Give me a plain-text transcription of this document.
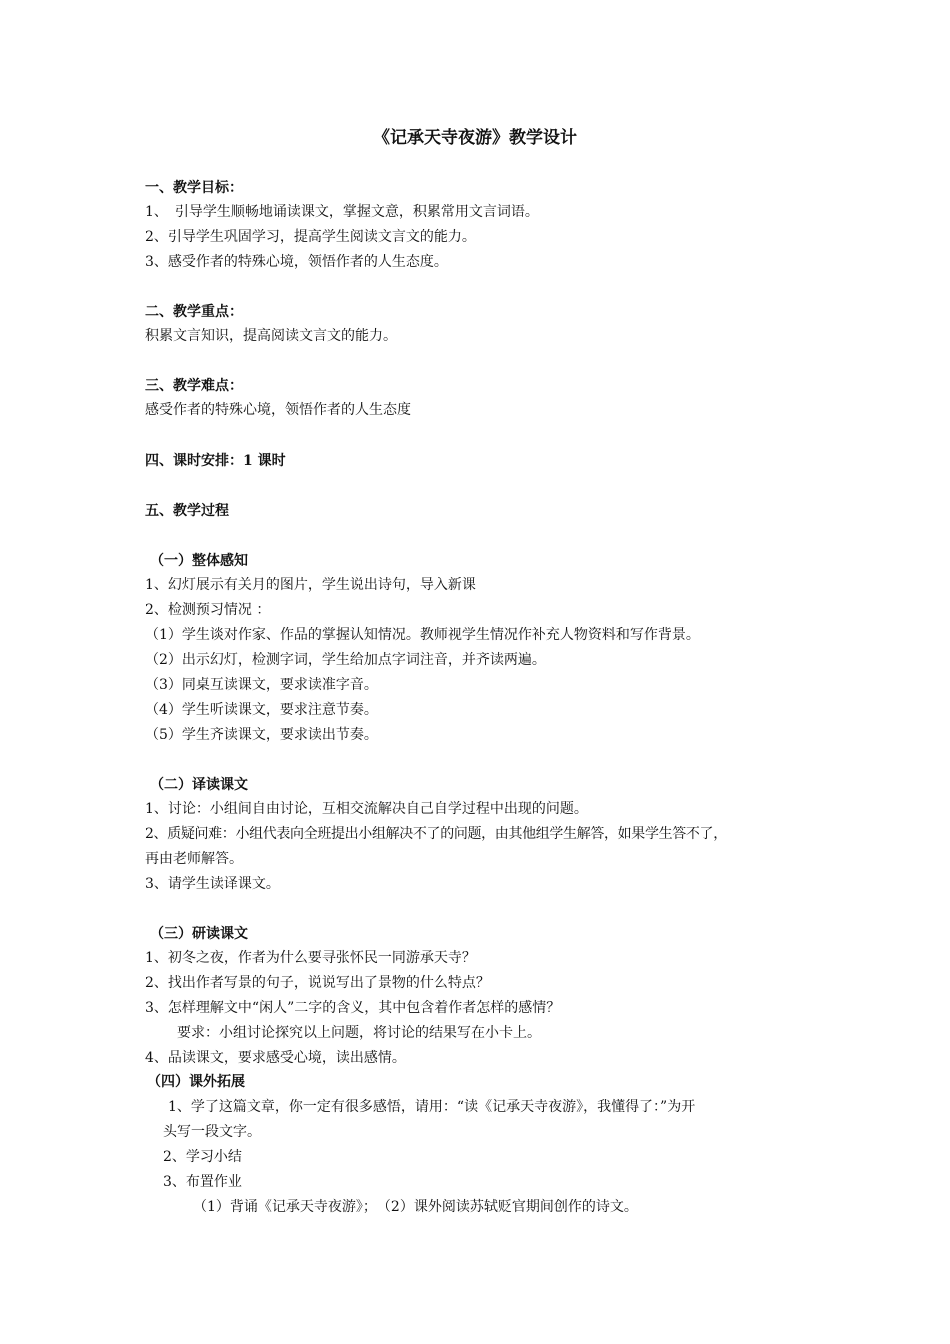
《记承天寺夜游》教学设计
一、教学目标：
1、　引导学生顺畅地诵读课文，掌握文意，积累常用文言词语。
2、引导学生巩固学习，提高学生阅读文言文的能力。
3、感受作者的特殊心境，领悟作者的人生态度。
二、教学重点：
积累文言知识，提高阅读文言文的能力。
三、教学难点：
感受作者的特殊心境，领悟作者的人生态度
四、课时安排：1 课时
五、教学过程
（一）整体感知
1、幻灯展示有关月的图片，学生说出诗句，导入新课
2、检测预习情况 ：
（1）学生谈对作家、作品的掌握认知情况。教师视学生情况作补充人物资料和写作背景。
（2）出示幻灯，检测字词，学生给加点字词注音，并齐读两遍。
（3）同桌互读课文，要求读准字音。
（4）学生听读课文，要求注意节奏。
（5）学生齐读课文，要求读出节奏。
（二）译读课文
1、讨论：小组间自由讨论，互相交流解决自己自学过程中出现的问题。
2、质疑问难：小组代表向全班提出小组解决不了的问题，由其他组学生解答，如果学生答不了，
再由老师解答。
3、请学生读译课文。
（三）研读课文
1、初冬之夜，作者为什么要寻张怀民一同游承天寺？
2、找出作者写景的句子，说说写出了景物的什么特点？
3、怎样理解文中“闲人”二字的含义，其中包含着作者怎样的感情？
要求：小组讨论探究以上问题，将讨论的结果写在小卡上。
4、品读课文，要求感受心境，读出感情。
（四）课外拓展
1、学了这篇文章，你一定有很多感悟，请用：“读《记承天寺夜游》，我懂得了：”为开
头写一段文字。
2、学习小结
3、布置作业
（1）背诵《记承天寺夜游》；　（2）课外阅读苏轼贬官期间创作的诗文。
